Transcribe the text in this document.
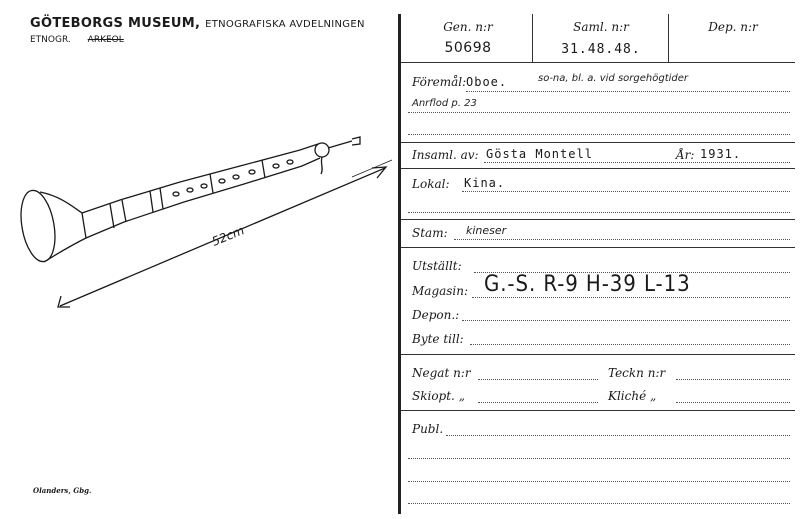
GÖTEBORGS MUSEUM, ETNOGRAFISKA AVDELNINGEN
ETNOGR. ARKEOL
52cm
Olanders, Gbg.
Gen. n:r
50698
Saml. n:r
31.48.48.
Dep. n:r
Föremål: Oboe.	so-na, bl. a. vid sorgehögtider
Anrflod p. 23
Insaml. av: Gösta Montell	År: 1931.
Lokal: Kina.
Stam: kineser
Utställt:
Magasin: G.-S. R-9 H-39 L-13
Depon.:
Byte till:
Negat n:r	Teckn n:r
Skiopt. „	Kliché „
Publ.
